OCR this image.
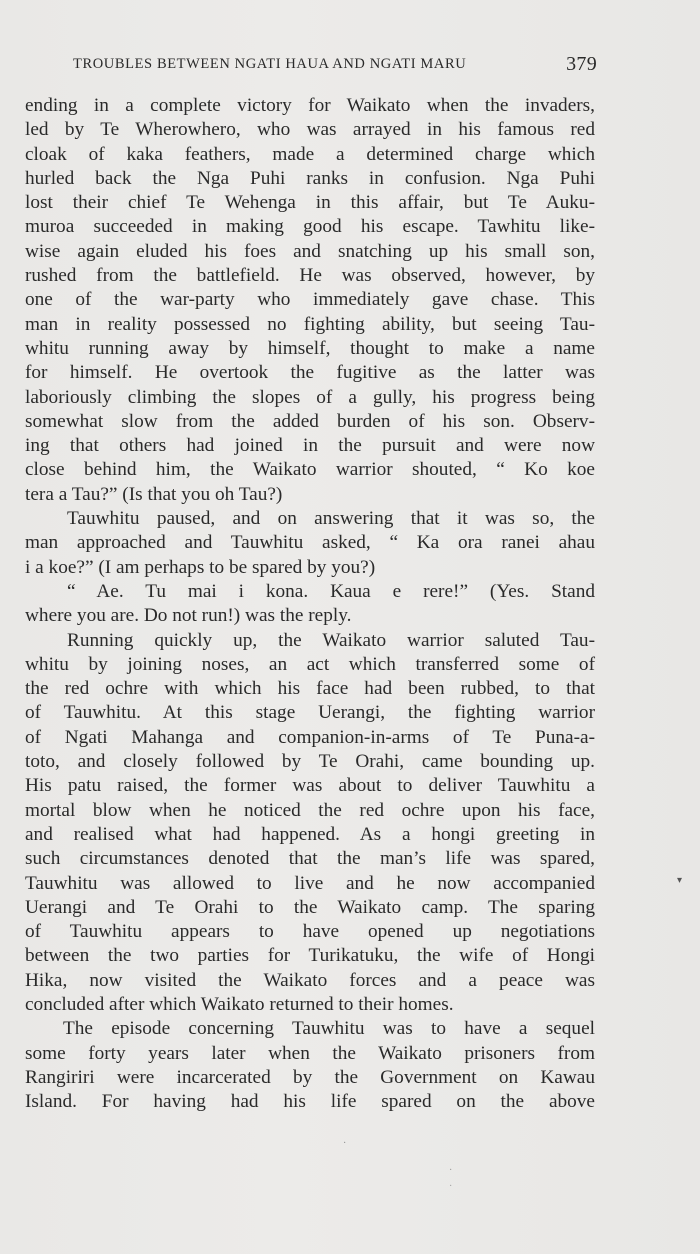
TROUBLES BETWEEN NGATI HAUA AND NGATI MARU	379
ending in a complete victory for Waikato when the invaders,
led by Te Wherowhero, who was arrayed in his famous red
cloak of kaka feathers, made a determined charge which
hurled back the Nga Puhi ranks in confusion. Nga Puhi
lost their chief Te Wehenga in this affair, but Te Auku-
muroa succeeded in making good his escape. Tawhitu like-
wise again eluded his foes and snatching up his small son,
rushed from the battlefield. He was observed, however, by
one of the war-party who immediately gave chase. This
man in reality possessed no fighting ability, but seeing Tau-
whitu running away by himself, thought to make a name
for himself. He overtook the fugitive as the latter was
laboriously climbing the slopes of a gully, his progress being
somewhat slow from the added burden of his son. Observ-
ing that others had joined in the pursuit and were now
close behind him, the Waikato warrior shouted, “ Ko koe
tera a Tau?” (Is that you oh Tau?)
Tauwhitu paused, and on answering that it was so, the
man approached and Tauwhitu asked, “ Ka ora ranei ahau
i a koe?” (I am perhaps to be spared by you?)
“ Ae. Tu mai i kona. Kaua e rere!” (Yes. Stand
where you are. Do not run!) was the reply.
Running quickly up, the Waikato warrior saluted Tau-
whitu by joining noses, an act which transferred some of
the red ochre with which his face had been rubbed, to that
of Tauwhitu. At this stage Uerangi, the fighting warrior
of Ngati Mahanga and companion-in-arms of Te Puna-a-
toto, and closely followed by Te Orahi, came bounding up.
His patu raised, the former was about to deliver Tauwhitu a
mortal blow when he noticed the red ochre upon his face,
and realised what had happened. As a hongi greeting in
such circumstances denoted that the man’s life was spared,
Tauwhitu was allowed to live and he now accompanied
Uerangi and Te Orahi to the Waikato camp. The sparing
of Tauwhitu appears to have opened up negotiations
between the two parties for Turikatuku, the wife of Hongi
Hika, now visited the Waikato forces and a peace was
concluded after which Waikato returned to their homes.
The episode concerning Tauwhitu was to have a sequel
some forty years later when the Waikato prisoners from
Rangiriri were incarcerated by the Government on Kawau
Island. For having had his life spared on the above
▾
·
·
·
